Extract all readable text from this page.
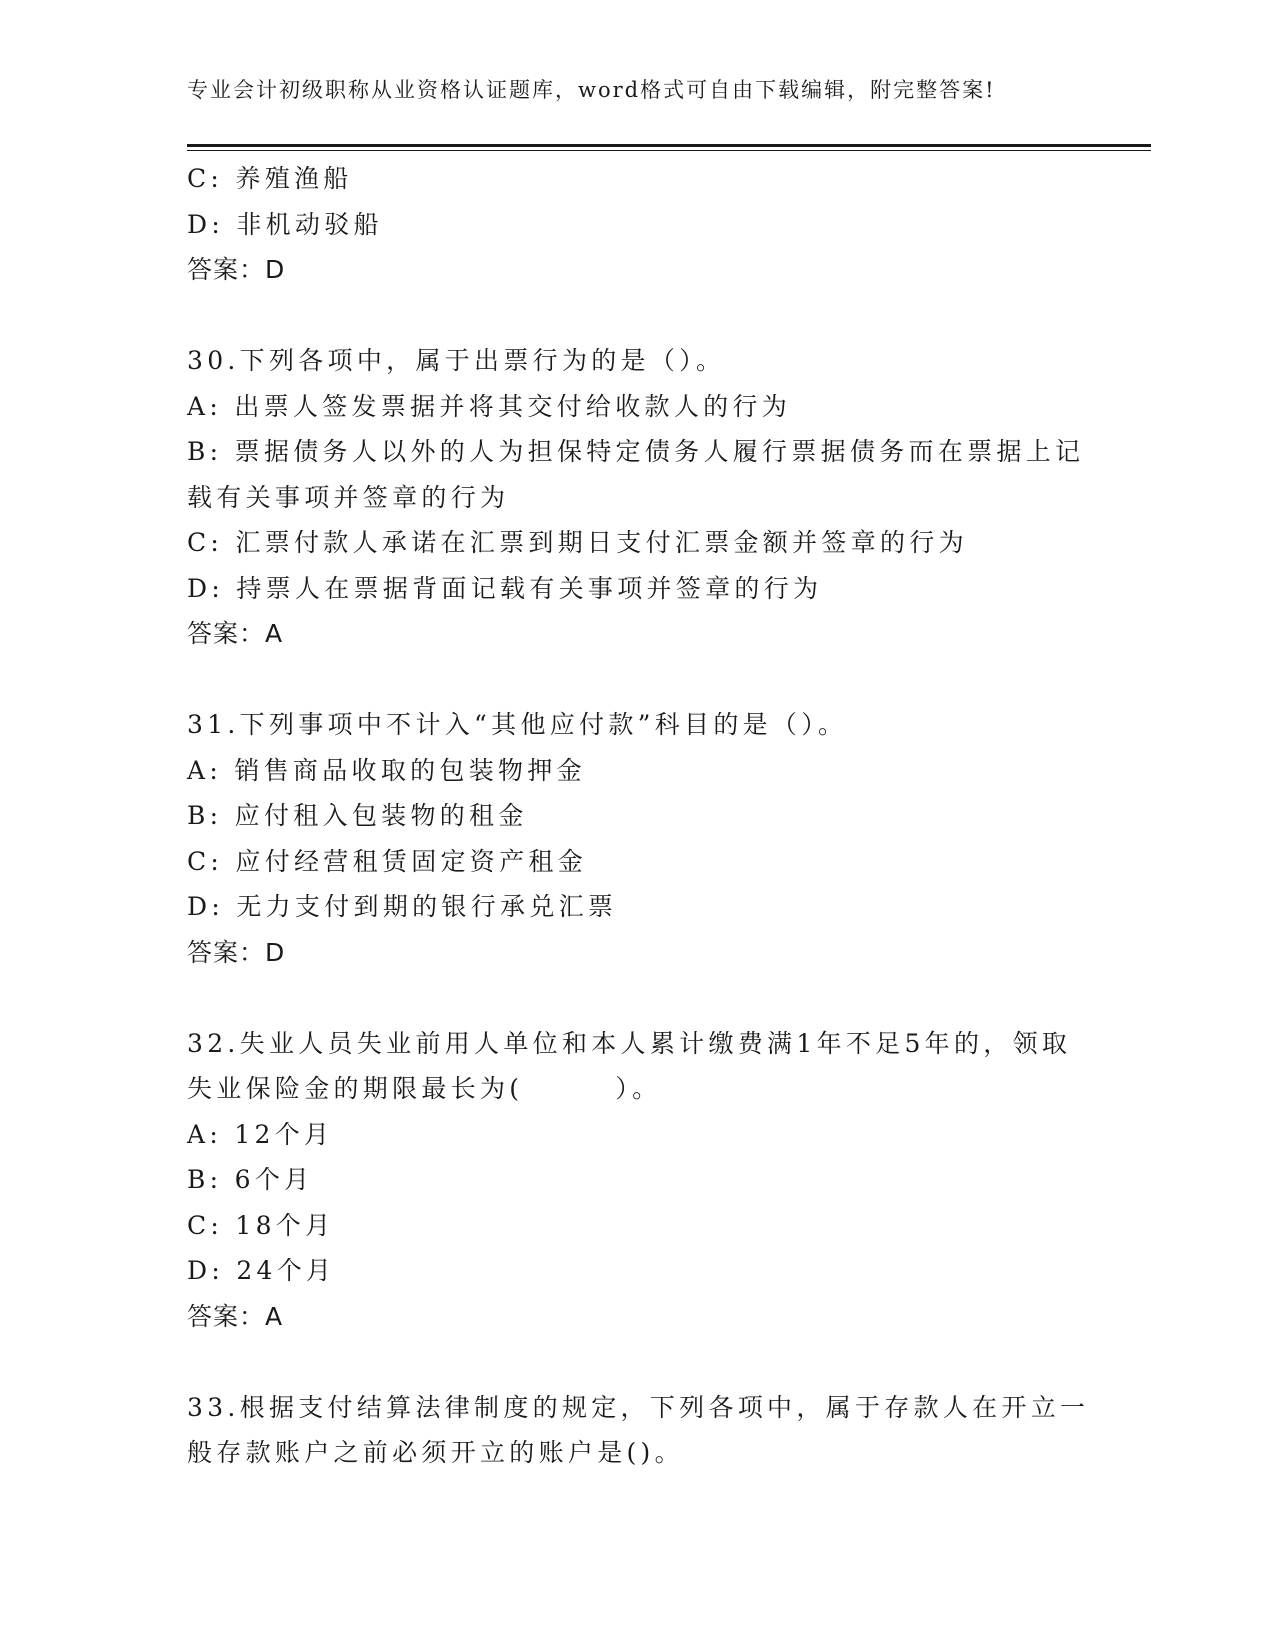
专业会计初级职称从业资格认证题库，word格式可自由下载编辑，附完整答案!
C: 养殖渔船
D: 非机动驳船
答案：D
30.下列各项中，属于出票行为的是（）。
A: 出票人签发票据并将其交付给收款人的行为
B: 票据债务人以外的人为担保特定债务人履行票据债务而在票据上记
载有关事项并签章的行为
C: 汇票付款人承诺在汇票到期日支付汇票金额并签章的行为
D: 持票人在票据背面记载有关事项并签章的行为
答案：A
31.下列事项中不计入“其他应付款”科目的是（）。
A: 销售商品收取的包装物押金
B: 应付租入包装物的租金
C: 应付经营租赁固定资产租金
D: 无力支付到期的银行承兑汇票
答案：D
32.失业人员失业前用人单位和本人累计缴费满1年不足5年的，领取
失业保险金的期限最长为(	）。
A: 12个月
B: 6个月
C: 18个月
D: 24个月
答案：A
33.根据支付结算法律制度的规定，下列各项中，属于存款人在开立一
般存款账户之前必须开立的账户是()。
